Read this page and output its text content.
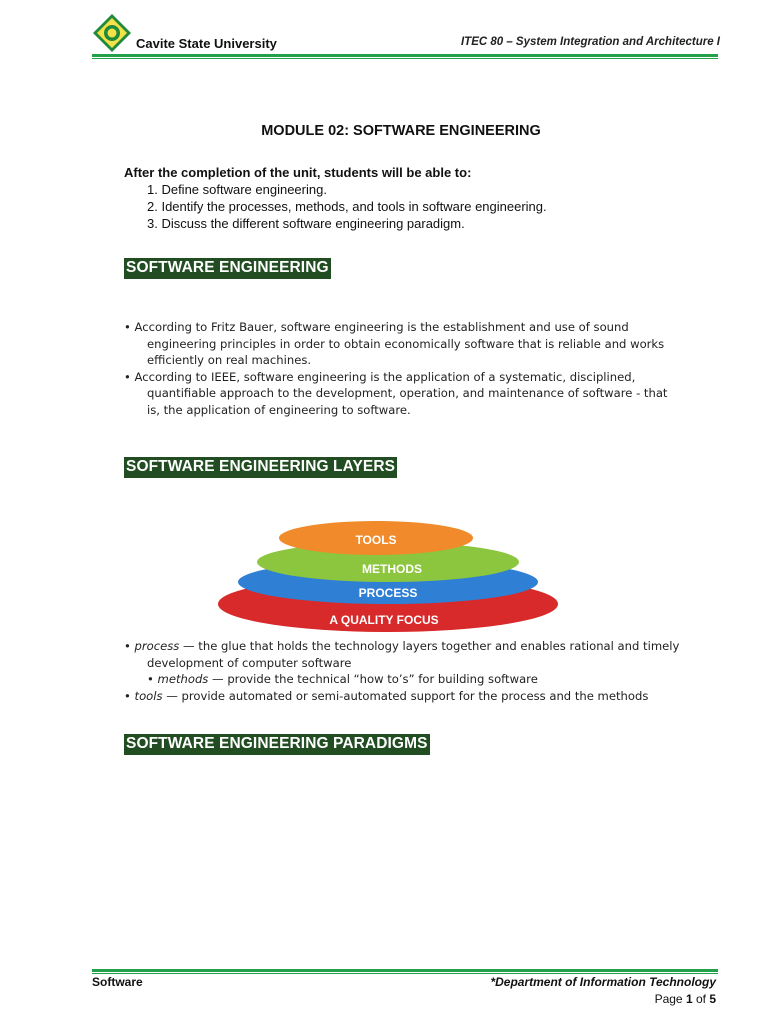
Cavite State University	ITEC 80 – System Integration and Architecture I
MODULE 02: SOFTWARE ENGINEERING
After the completion of the unit, students will be able to:
1. Define software engineering.
2. Identify the processes, methods, and tools in software engineering.
3. Discuss the different software engineering paradigm.
SOFTWARE ENGINEERING

• According to Fritz Bauer, software engineering is the establishment and use of sound engineering principles in order to obtain economically software that is reliable and works efficiently on real machines.

• According to IEEE, software engineering is the application of a systematic, disciplined, quantifiable approach to the development, operation, and maintenance of software - that is, the application of engineering to software.

SOFTWARE ENGINEERING LAYERS
TOOLS
METHODS
PROCESS
A QUALITY FOCUS

• process — the glue that holds the technology layers together and enables rational and timely development of computer software

• methods — provide the technical “how to’s” for building software

• tools — provide automated or semi-automated support for the process and the methods

SOFTWARE ENGINEERING PARADIGMS
Software	*Department of Information Technology
Page 1 of 5
